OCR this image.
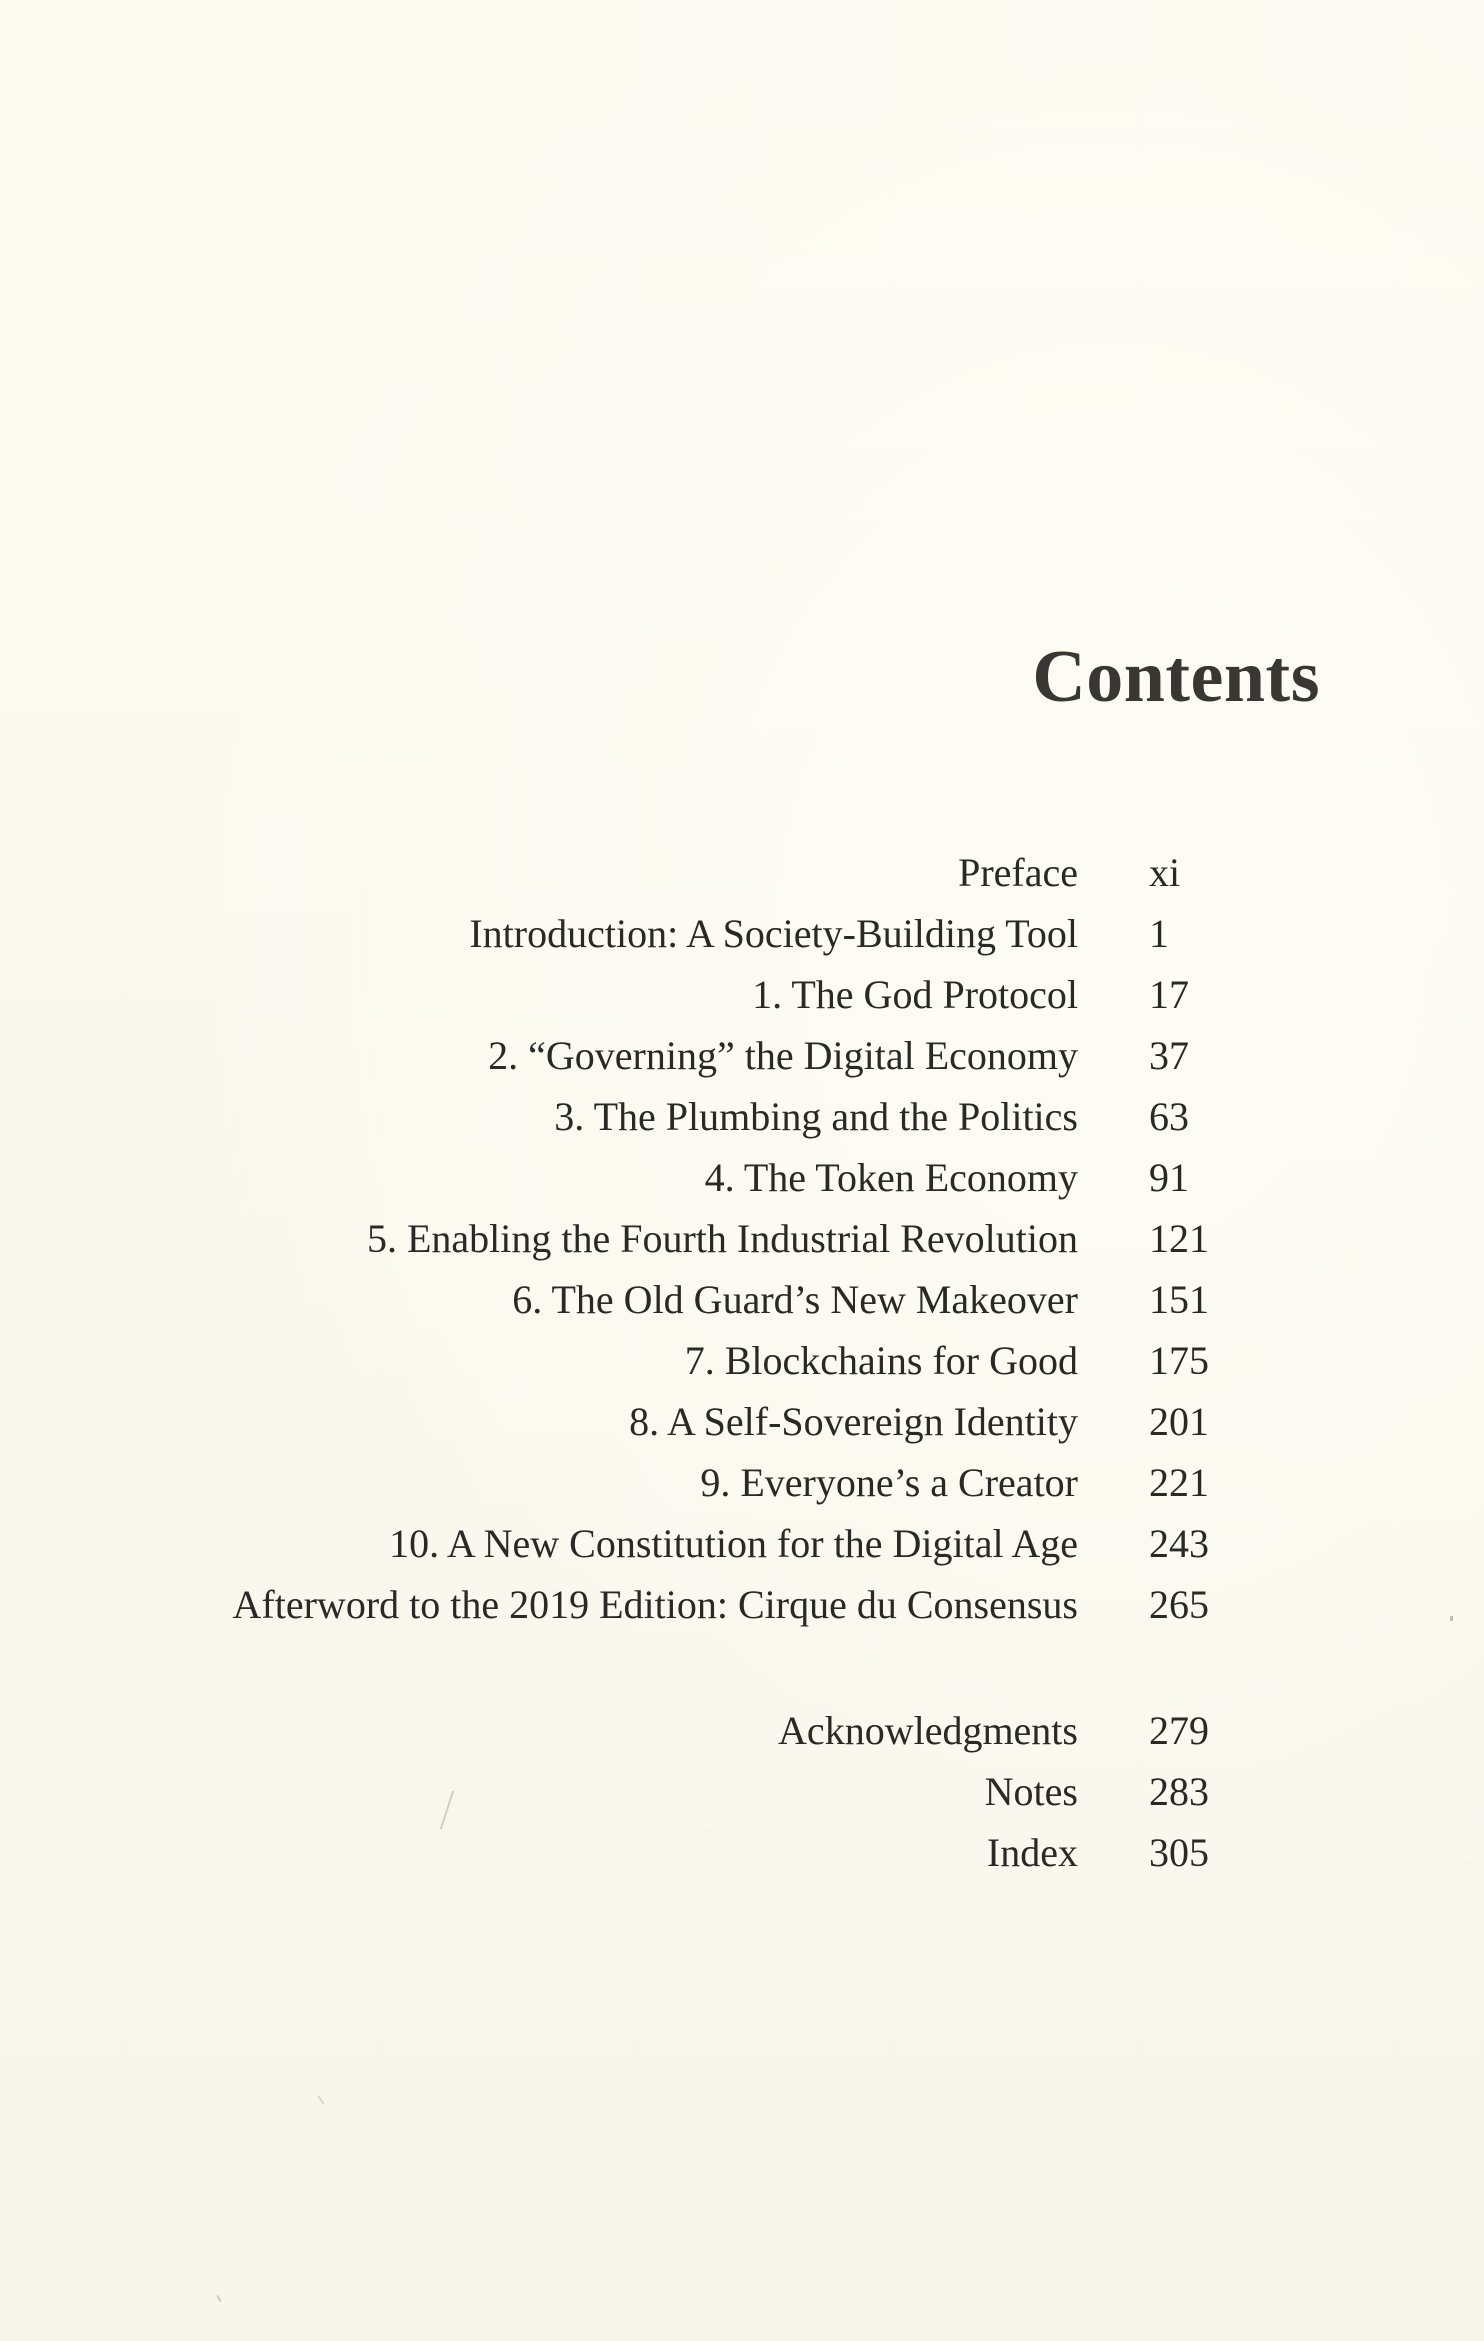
Contents
Preface xi
Introduction: A Society-Building Tool 1
1. The God Protocol 17
2. “Governing” the Digital Economy 37
3. The Plumbing and the Politics 63
4. The Token Economy 91
5. Enabling the Fourth Industrial Revolution 121
6. The Old Guard’s New Makeover 151
7. Blockchains for Good 175
8. A Self-Sovereign Identity 201
9. Everyone’s a Creator 221
10. A New Constitution for the Digital Age 243
Afterword to the 2019 Edition: Cirque du Consensus 265
Acknowledgments 279
Notes 283
Index 305
